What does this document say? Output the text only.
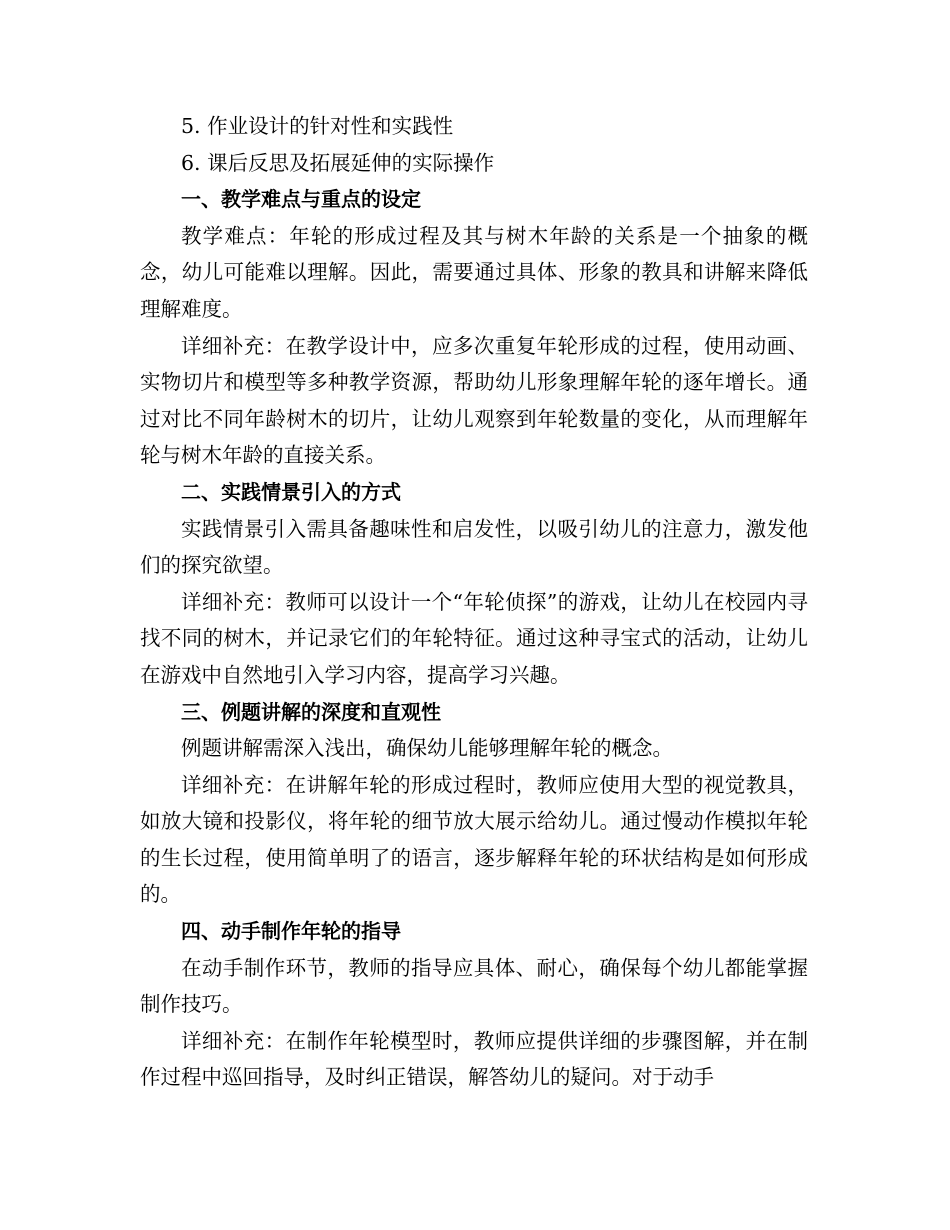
5. 作业设计的针对性和实践性

6. 课后反思及拓展延伸的实际操作

一、教学难点与重点的设定

教学难点：年轮的形成过程及其与树木年龄的关系是一个抽象的概念，幼儿可能难以理解。因此，需要通过具体、形象的教具和讲解来降低理解难度。

详细补充：在教学设计中，应多次重复年轮形成的过程，使用动画、实物切片和模型等多种教学资源，帮助幼儿形象理解年轮的逐年增长。通过对比不同年龄树木的切片，让幼儿观察到年轮数量的变化，从而理解年轮与树木年龄的直接关系。

二、实践情景引入的方式

实践情景引入需具备趣味性和启发性，以吸引幼儿的注意力，激发他们的探究欲望。

详细补充：教师可以设计一个“年轮侦探”的游戏，让幼儿在校园内寻找不同的树木，并记录它们的年轮特征。通过这种寻宝式的活动，让幼儿在游戏中自然地引入学习内容，提高学习兴趣。

三、例题讲解的深度和直观性

例题讲解需深入浅出，确保幼儿能够理解年轮的概念。

详细补充：在讲解年轮的形成过程时，教师应使用大型的视觉教具，如放大镜和投影仪，将年轮的细节放大展示给幼儿。通过慢动作模拟年轮的生长过程，使用简单明了的语言，逐步解释年轮的环状结构是如何形成的。

四、动手制作年轮的指导

在动手制作环节，教师的指导应具体、耐心，确保每个幼儿都能掌握制作技巧。

详细补充：在制作年轮模型时，教师应提供详细的步骤图解，并在制作过程中巡回指导，及时纠正错误，解答幼儿的疑问。对于动手
